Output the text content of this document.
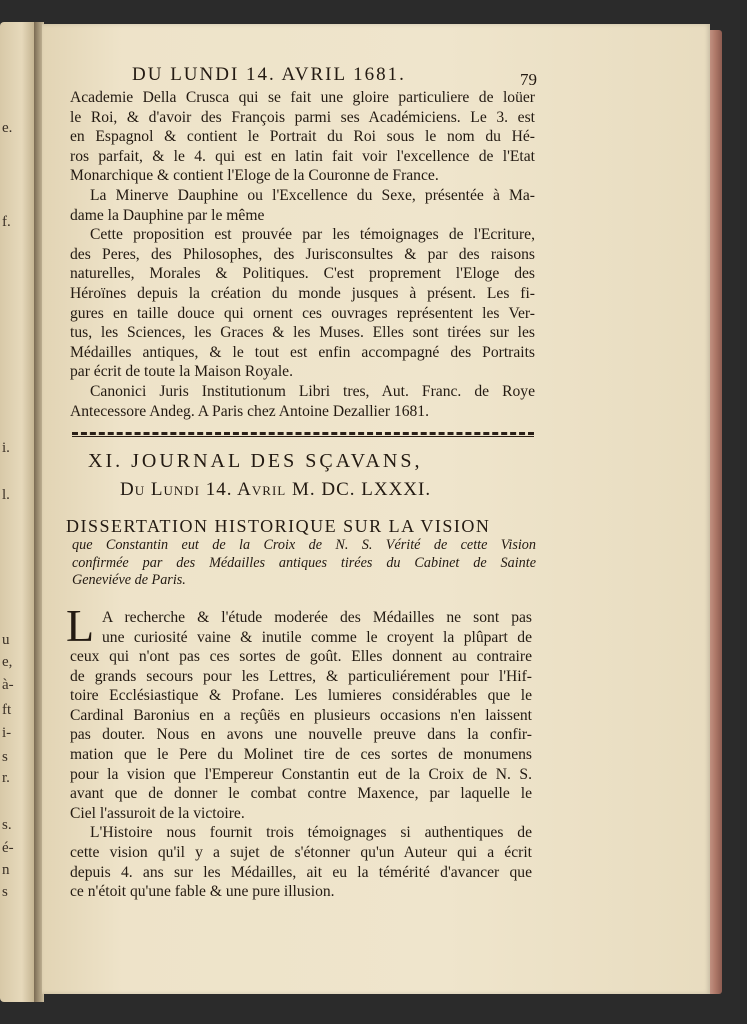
e.
f.
i.
l.
u
e,
à-
ft
i-
s
r.
s.
é-
n
s
DU LUNDI 14. AVRIL 1681.	79
Academie Della Crusca qui se fait une gloire particuliere de loüer
le Roi, & d'avoir des François parmi ses Académiciens. Le 3. est
en Espagnol & contient le Portrait du Roi sous le nom du Hé-
ros parfait, & le 4. qui est en latin fait voir l'excellence de l'Etat
Monarchique & contient l'Eloge de la Couronne de France.
La Minerve Dauphine ou l'Excellence du Sexe, présentée à Ma-
dame la Dauphine par le même
Cette proposition est prouvée par les témoignages de l'Ecriture,
des Peres, des Philosophes, des Jurisconsultes & par des raisons
naturelles, Morales & Politiques. C'est proprement l'Eloge des
Héroïnes depuis la création du monde jusques à présent. Les fi-
gures en taille douce qui ornent ces ouvrages représentent les Ver-
tus, les Sciences, les Graces & les Muses. Elles sont tirées sur les
Médailles antiques, & le tout est enfin accompagné des Portraits
par écrit de toute la Maison Royale.
Canonici Juris Institutionum Libri tres, Aut. Franc. de Roye
Antecessore Andeg. A Paris chez Antoine Dezallier 1681.
XI. JOURNAL DES SÇAVANS,
Du Lundi 14. Avril M. DC. LXXXI.
DISSERTATION HISTORIQUE SUR LA VISION
que Constantin eut de la Croix de N. S. Vérité de cette Vision
confirmée par des Médailles antiques tirées du Cabinet de Sainte
Geneviéve de Paris.
L A recherche & l'étude moderée des Médailles ne sont pas
une curiosité vaine & inutile comme le croyent la plûpart de
ceux qui n'ont pas ces sortes de goût. Elles donnent au contraire
de grands secours pour les Lettres, & particuliérement pour l'Hif-
toire Ecclésiastique & Profane. Les lumieres considérables que le
Cardinal Baronius en a reçûës en plusieurs occasions n'en laissent
pas douter. Nous en avons une nouvelle preuve dans la confir-
mation que le Pere du Molinet tire de ces sortes de monumens
pour la vision que l'Empereur Constantin eut de la Croix de N. S.
avant que de donner le combat contre Maxence, par laquelle le
Ciel l'assuroit de la victoire.
L'Histoire nous fournit trois témoignages si authentiques de
cette vision qu'il y a sujet de s'étonner qu'un Auteur qui a écrit
depuis 4. ans sur les Médailles, ait eu la témérité d'avancer que
ce n'étoit qu'une fable & une pure illusion.
